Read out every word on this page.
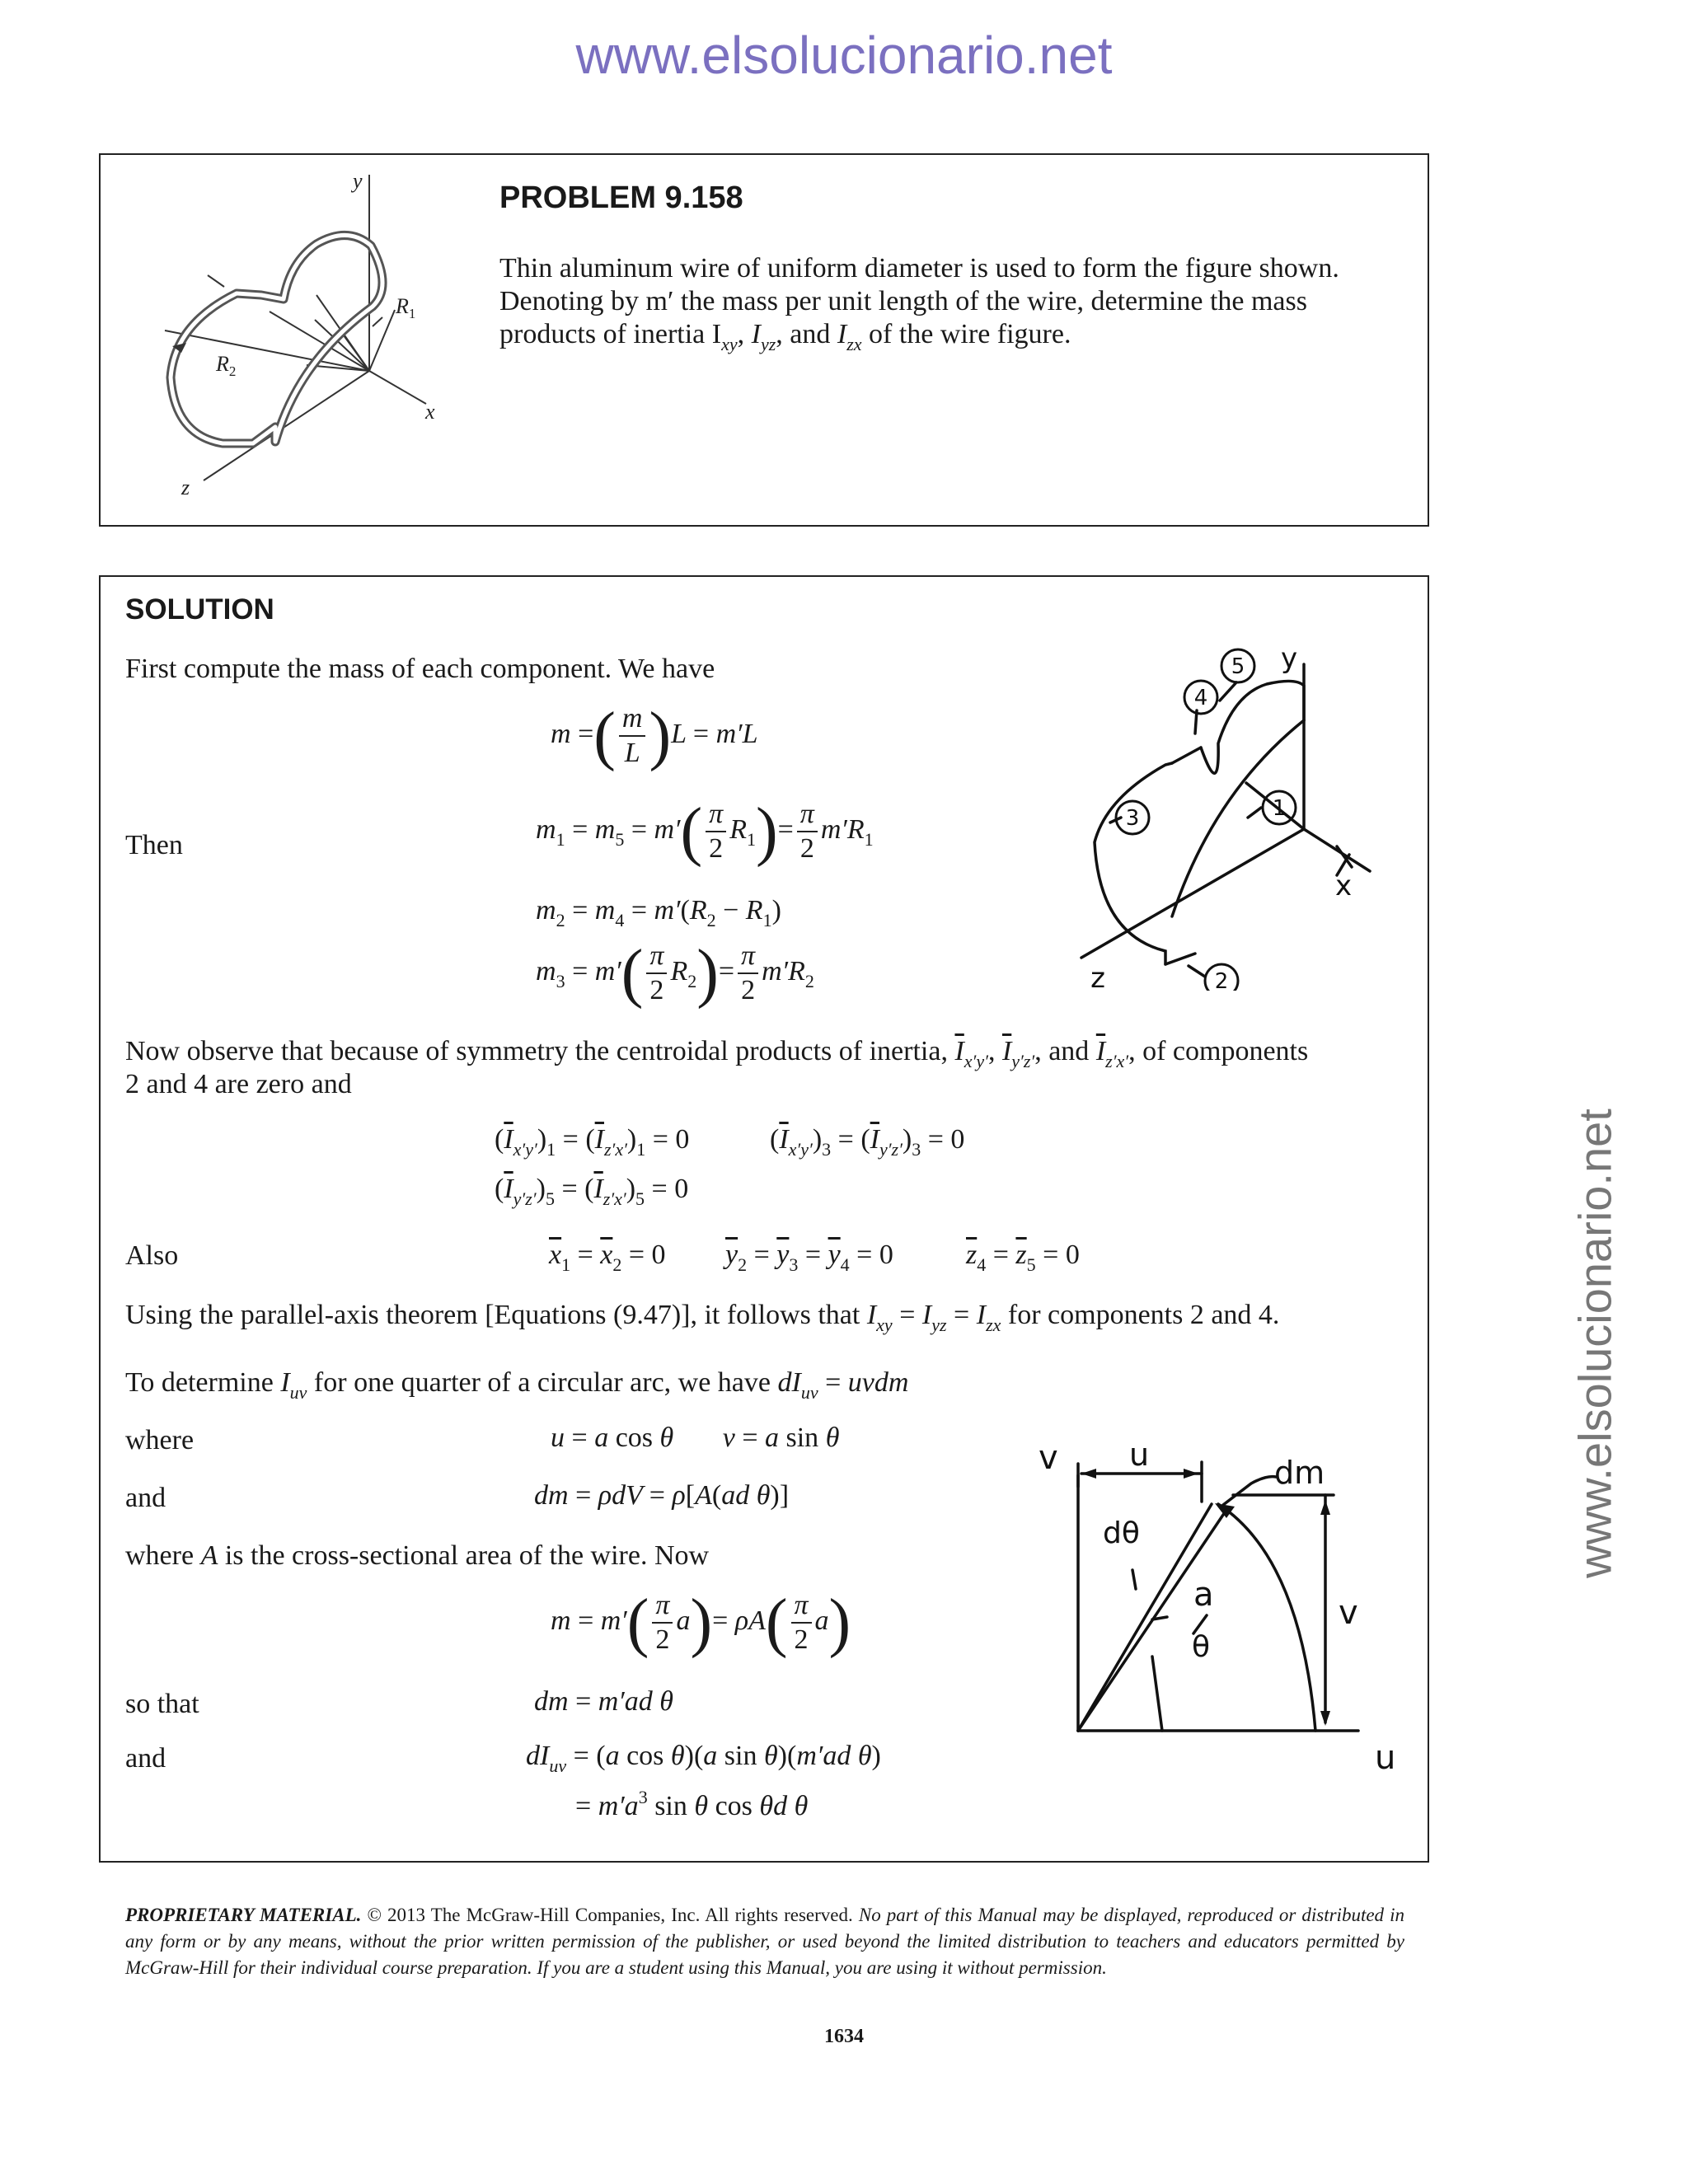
www.elsolucionario.net
www.elsolucionario.net
y
x
z
$R_1$
$R_2$
PROBLEM 9.158
Thin aluminum wire of uniform diameter is used to form the figure shown.
Denoting by m′ the mass per unit length of the wire, determine the mass
products of inertia $I_{xy}$, $I_{yz}$, and $I_{zx}$ of the wire figure.
SOLUTION
First compute the mass of each component. We have
m =( $\frac{m}{L} )L = m'L$
Then
$m_1 = m_5 = m'( \frac{\pi}{2} R_1)= \frac{\pi}{2} m'R_1$
$m_2 = m_4 = m'(R_2 - R_1)$
$m_3 = m'( \frac{\pi}{2} R_2)= \frac{\pi}{2} m'R_2$
5
4
3	1
2
y
x
z
Now observe that because of symmetry the centroidal products of inertia, $\overline{I}_{x'y'}$, $\overline{I}_{y'z'}$, and $\overline{I}_{z'x'}$, of components
2 and 4 are zero and
$(\overline{I}_{x'y'})_1 = (\overline{I}_{z'x'})_1 = 0$	$(\overline{I}_{x'y'})_3 = (\overline{I}_{y'z'})_3 = 0$
$(\overline{I}_{y'z'})_5 = (\overline{I}_{z'x'})_5 = 0$
Also	$\overline{x}_1 = \overline{x}_2 = 0$ $\overline{y}_2 = \overline{y}_3 = \overline{y}_4 = 0$	$\overline{z}_4 = \overline{z}_5 = 0$
Using the parallel-axis theorem [Equations (9.47)], it follows that $I_{xy} = I_{yz} = I_{zx}$ for components 2 and 4.
To determine $I_{uv}$ for one quarter of a circular arc, we have $dI_{uv}$ = uvdm
where	u = a cos θ       v = a sin θ
and	dm = ρdV = ρ[A(ad θ)]
where A is the cross-sectional area of the wire. Now
$m = m'( \frac{\pi}{2} a)= \rho A( \frac{\pi}{2} a)$
so that	dm = m′ad θ
and	$dI_{uv} = (a$ cos θ)(a sin θ)(m′ad θ)
= $m'a^3$ sin θ cos θd θ
v u	dm
dθ
a
θ
v
u
PROPRIETARY MATERIAL. © 2013 The McGraw-Hill Companies, Inc. All rights reserved. No part of this Manual may be displayed, reproduced or distributed in any form or by any means, without the prior written permission of the publisher, or used beyond the limited distribution to teachers and educators permitted by McGraw-Hill for their individual course preparation. If you are a student using this Manual, you are using it without permission.
1634
